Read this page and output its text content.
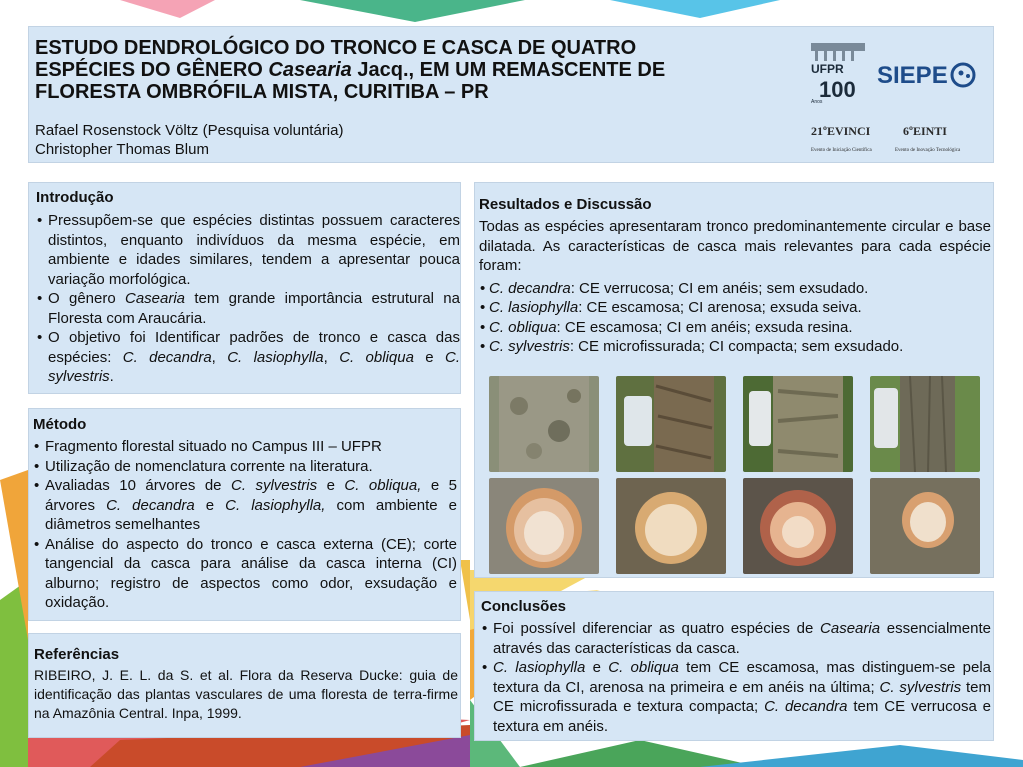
ESTUDO DENDROLÓGICO DO TRONCO E CASCA DE QUATRO
ESPÉCIES DO GÊNERO Casearia Jacq., EM UM REMASCENTE DE
FLORESTA OMBRÓFILA MISTA, CURITIBA – PR
Rafael Rosenstock Völtz (Pesquisa voluntária)
Christopher Thomas Blum
UFPR
100
Anos
SIEPE
21ºEVINCI	6ºEINTI
Evento de Iniciação Científica	Evento de Inovação Tecnológica
Introdução
• Pressupõem-se que espécies distintas possuem caracteres distintos, enquanto indivíduos da mesma espécie, em ambiente e idades similares, tendem a apresentar pouca variação morfológica.
• O gênero Casearia tem grande importância estrutural na Floresta com Araucária.
• O objetivo foi Identificar padrões de tronco e casca das espécies: C. decandra, C. lasiophylla, C. obliqua e C. sylvestris.
Método
• Fragmento florestal situado no Campus III – UFPR
• Utilização de nomenclatura corrente na literatura.
• Avaliadas 10 árvores de C. sylvestris e C. obliqua, e 5 árvores C. decandra e C. lasiophylla, com ambiente e diâmetros semelhantes
• Análise do aspecto do tronco e casca externa (CE); corte tangencial da casca para análise da casca interna (CI) alburno; registro de aspectos como odor, exsudação e oxidação.
Referências

RIBEIRO, J. E. L. da S. et al. Flora da Reserva Ducke: guia de identificação das plantas vasculares de uma floresta de terra-firme na Amazônia Central. Inpa, 1999.

Resultados e Discussão

Todas as espécies apresentaram tronco predominantemente circular e base dilatada. As características de casca mais relevantes para cada espécie foram:

• C. decandra: CE verrucosa; CI em anéis; sem exsudado.
• C. lasiophylla: CE escamosa; CI arenosa; exsuda seiva.
• C. obliqua: CE escamosa; CI em anéis; exsuda resina.
• C. sylvestris: CE microfissurada; CI compacta; sem exsudado.
Conclusões
• Foi possível diferenciar as quatro espécies de Casearia essencialmente através das características da casca.
• C. lasiophylla e C. obliqua tem CE escamosa, mas distinguem-se pela textura da CI, arenosa na primeira e em anéis na última; C. sylvestris tem CE microfissurada e textura compacta; C. decandra tem CE verrucosa e textura em anéis.
